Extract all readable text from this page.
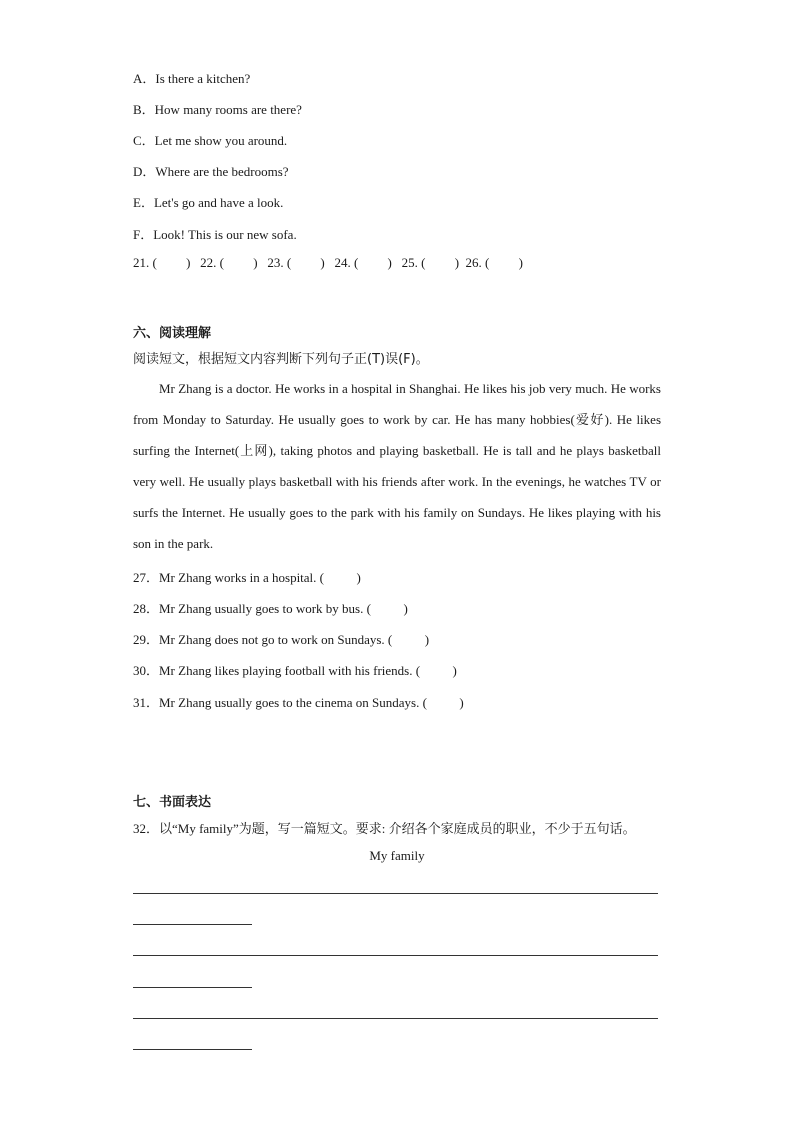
A．Is there a kitchen?
B．How many rooms are there?
C．Let me show you around.
D．Where are the bedrooms?
E．Let's go and have a look.
F．Look! This is our new sofa.
21. (         )   22. (         )   23. (         )   24. (         )   25. (         )  26. (         )
六、阅读理解
阅读短文，根据短文内容判断下列句子正(T)误(F)。
Mr Zhang is a doctor. He works in a hospital in Shanghai. He likes his job very much. He works from Monday to Saturday. He usually goes to work by car. He has many hobbies(爱好). He likes surfing the Internet(上网), taking photos and playing basketball. He is tall and he plays basketball very well. He usually plays basketball with his friends after work. In the evenings, he watches TV or surfs the Internet. He usually goes to the park with his family on Sundays. He likes playing with his son in the park.
27．Mr Zhang works in a hospital. (          )
28．Mr Zhang usually goes to work by bus. (          )
29．Mr Zhang does not go to work on Sundays. (          )
30．Mr Zhang likes playing football with his friends. (          )
31．Mr Zhang usually goes to the cinema on Sundays. (          )
七、书面表达
32．以“My family”为题，写一篇短文。要求: 介绍各个家庭成员的职业，不少于五句话。
My family
